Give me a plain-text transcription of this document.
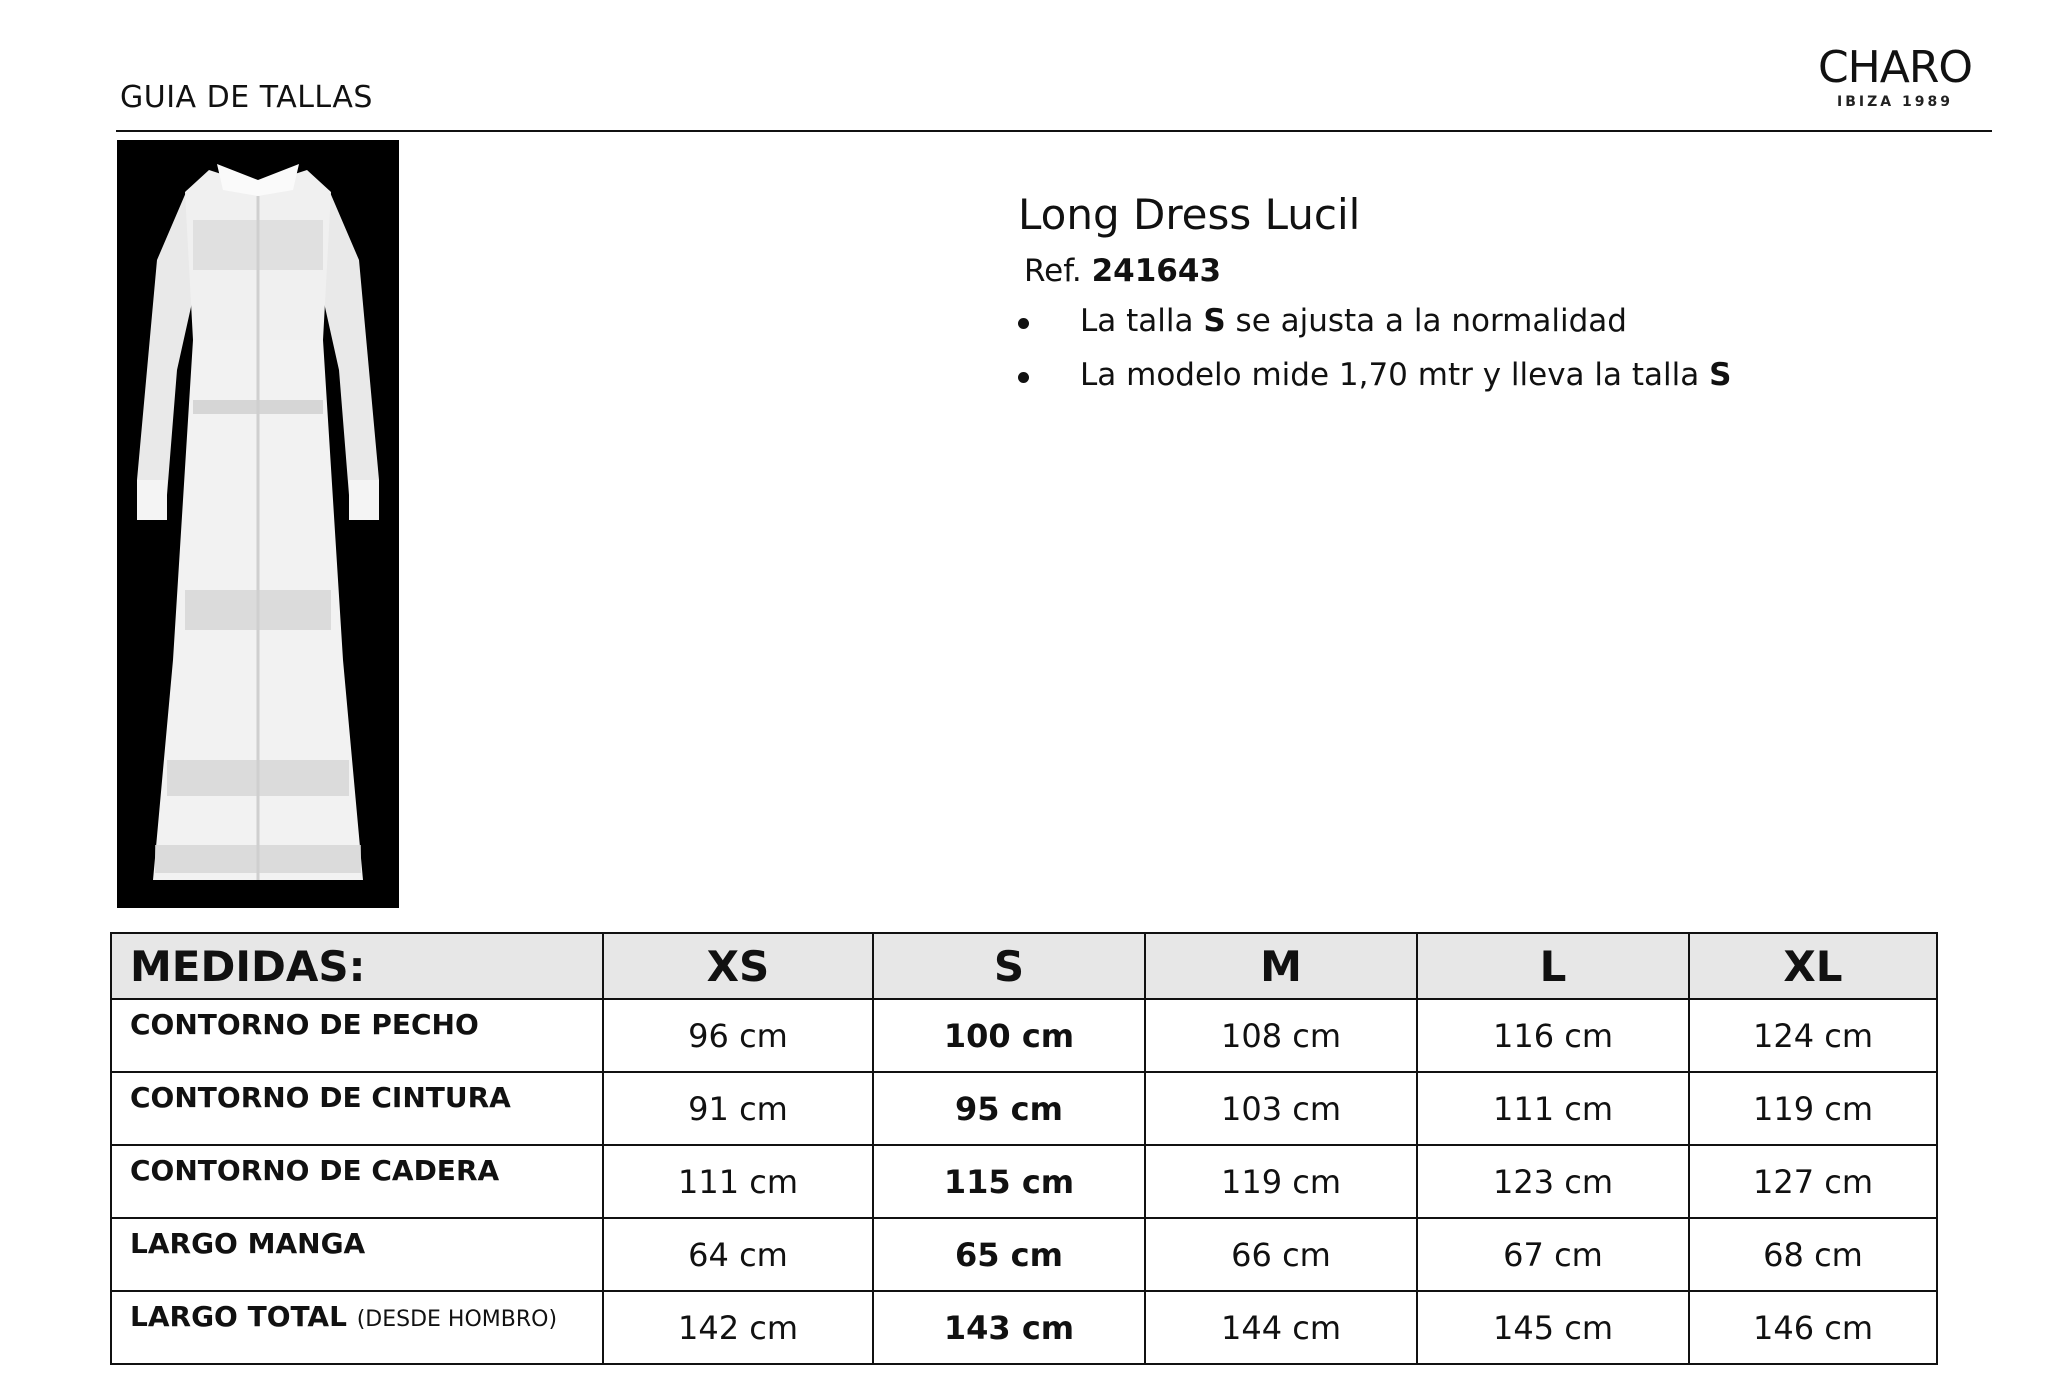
GUIA DE TALLAS
CHARO
IBIZA 1989
Long Dress Lucil
Ref. 241643
La talla S se ajusta a la normalidad
La modelo mide 1,70 mtr y lleva la talla S
MEDIDAS:	XS	S	M	L	XL
CONTORNO DE PECHO	96 cm	100 cm	108 cm	116 cm	124 cm
CONTORNO DE CINTURA	91 cm	95 cm	103 cm	111 cm	119 cm
CONTORNO DE CADERA	111 cm	115 cm	119 cm	123 cm	127 cm
LARGO MANGA	64 cm	65 cm	66 cm	67 cm	68 cm
LARGO TOTAL (DESDE HOMBRO)	142 cm	143 cm	144 cm	145 cm	146 cm
